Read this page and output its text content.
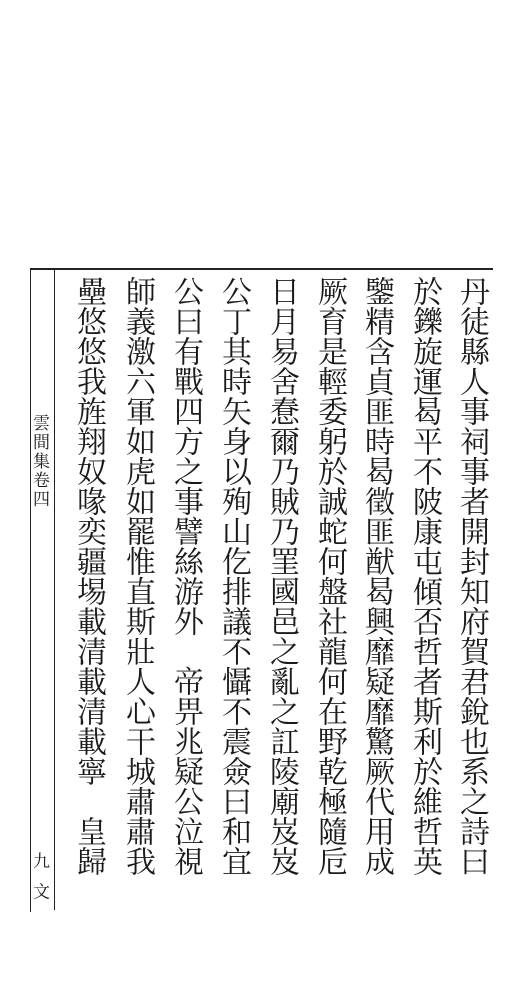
雲間集卷四
九 文
壘悠悠我旌翔奴喙奕疆埸載清載清載寧　皇歸 師義激六軍如虎如罷惟直斯壯人心干城肅肅我 公曰有戰四方之事譬絲游外　帝畀兆疑公泣視 公丁其時矢身以殉山仡排議不懾不震僉曰和宜 日月易舍惷爾乃賊乃罣國邑之亂之訌陵廟岌岌 厥育是輕委躬於誠蛇何盤社龍何在野乾極隨卮 鑒精含貞匪時曷徵匪猷曷興靡疑靡驚厥代用成 於鑠旋運曷平不陂康屯傾否哲者斯利於維哲英 丹徒縣人事祠事者開封知府賀君銳也系之詩曰
